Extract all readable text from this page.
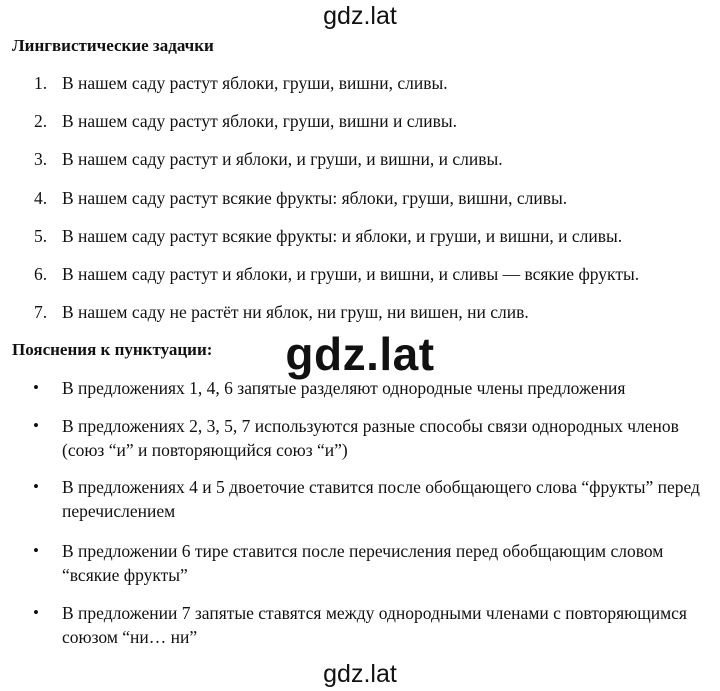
gdz.lat
Лингвистические задачки
1. В нашем саду растут яблоки, груши, вишни, сливы.
2. В нашем саду растут яблоки, груши, вишни и сливы.
3. В нашем саду растут и яблоки, и груши, и вишни, и сливы.
4. В нашем саду растут всякие фрукты: яблоки, груши, вишни, сливы.
5. В нашем саду растут всякие фрукты: и яблоки, и груши, и вишни, и сливы.
6. В нашем саду растут и яблоки, и груши, и вишни, и сливы — всякие фрукты.
7. В нашем саду не растёт ни яблок, ни груш, ни вишен, ни слив.
Пояснения к пунктуации:	gdz.lat
• В предложениях 1, 4, 6 запятые разделяют однородные члены предложения
• В предложениях 2, 3, 5, 7 используются разные способы связи однородных членов (союз “и” и повторяющийся союз “и”)
• В предложениях 4 и 5 двоеточие ставится после обобщающего слова “фрукты” перед перечислением
• В предложении 6 тире ставится после перечисления перед обобщающим словом “всякие фрукты”
• В предложении 7 запятые ставятся между однородными членами с повторяющимся союзом “ни… ни”
gdz.lat
